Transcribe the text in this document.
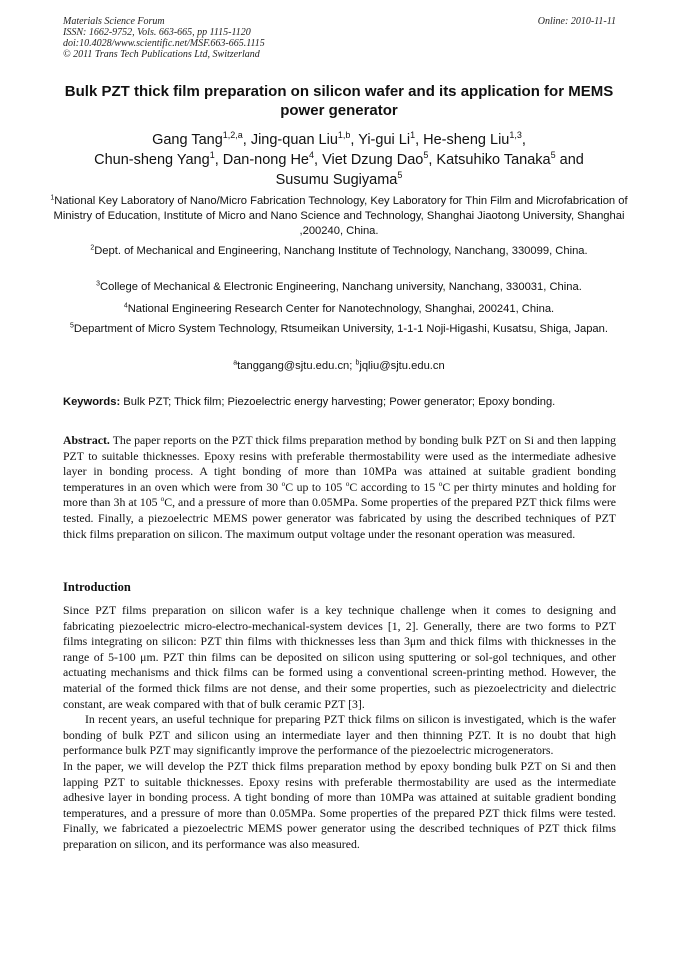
Materials Science Forum	Online: 2010-11-11
ISSN: 1662-9752, Vols. 663-665, pp 1115-1120
doi:10.4028/www.scientific.net/MSF.663-665.1115
© 2011 Trans Tech Publications Ltd, Switzerland
Bulk PZT thick film preparation on silicon wafer and its application for MEMS power generator
Gang Tang$^{1,2,a}$, Jing-quan Liu$^{1,b}$, Yi-gui Li$^1$, He-sheng Liu$^{1,3}$,
Chun-sheng Yang$^1$, Dan-nong He$^4$, Viet Dzung Dao$^5$, Katsuhiko Tanaka$^5$ and
Susumu Sugiyama$^5$
$^1$National Key Laboratory of Nano/Micro Fabrication Technology, Key Laboratory for Thin Film and Microfabrication of Ministry of Education, Institute of Micro and Nano Science and Technology, Shanghai Jiaotong University, Shanghai ,200240, China.
$^2$Dept. of Mechanical and Engineering, Nanchang Institute of Technology, Nanchang, 330099, China.
$^3$College of Mechanical & Electronic Engineering, Nanchang university, Nanchang, 330031, China.
$^4$National Engineering Research Center for Nanotechnology, Shanghai, 200241, China.
$^5$Department of Micro System Technology, Rtsumeikan University, 1-1-1 Noji-Higashi, Kusatsu, Shiga, Japan.
$^a$tanggang@sjtu.edu.cn; $^b$jqliu@sjtu.edu.cn
Keywords: Bulk PZT; Thick film; Piezoelectric energy harvesting; Power generator; Epoxy bonding.
Abstract. The paper reports on the PZT thick films preparation method by bonding bulk PZT on Si and then lapping PZT to suitable thicknesses. Epoxy resins with preferable thermostability were used as the intermediate adhesive layer in bonding process. A tight bonding of more than 10MPa was attained at suitable gradient bonding temperatures in an oven which were from 30 $^o$C up to 105 $^o$C according to 15 $^o$C per thirty minutes and holding for more than 3h at 105 $^o$C, and a pressure of more than 0.05MPa. Some properties of the prepared PZT thick films were tested. Finally, a piezoelectric MEMS power generator was fabricated by using the described techniques of PZT thick films preparation on silicon. The maximum output voltage under the resonant operation was measured.
Introduction

Since PZT films preparation on silicon wafer is a key technique challenge when it comes to designing and fabricating piezoelectric micro-electro-mechanical-system devices [1, 2]. Generally, there are two forms to PZT films integrating on silicon: PZT thin films with thicknesses less than 3μm and thick films with thicknesses in the range of 5-100 μm. PZT thin films can be deposited on silicon using sputtering or sol-gol techniques, and other actuating mechanisms and thick films can be formed using a conventional screen-printing method. However, the material of the formed thick films are not dense, and their some properties, such as piezoelectricity and dielectric constant, are weak compared with that of bulk ceramic PZT [3].

In recent years, an useful technique for preparing PZT thick films on silicon is investigated, which is the wafer bonding of bulk PZT and silicon using an intermediate layer and then thinning PZT. It is no doubt that high performance bulk PZT may significantly improve the performance of the piezoelectric microgenerators.

In the paper, we will develop the PZT thick films preparation method by epoxy bonding bulk PZT on Si and then lapping PZT to suitable thicknesses. Epoxy resins with preferable thermostability are used as the intermediate adhesive layer in bonding process. A tight bonding of more than 10MPa was attained at suitable gradient bonding temperatures, and a pressure of more than 0.05MPa. Some properties of the prepared PZT thick films were tested. Finally, we fabricated a piezoelectric MEMS power generator using the described techniques of PZT thick films preparation on silicon, and its performance was also measured.
